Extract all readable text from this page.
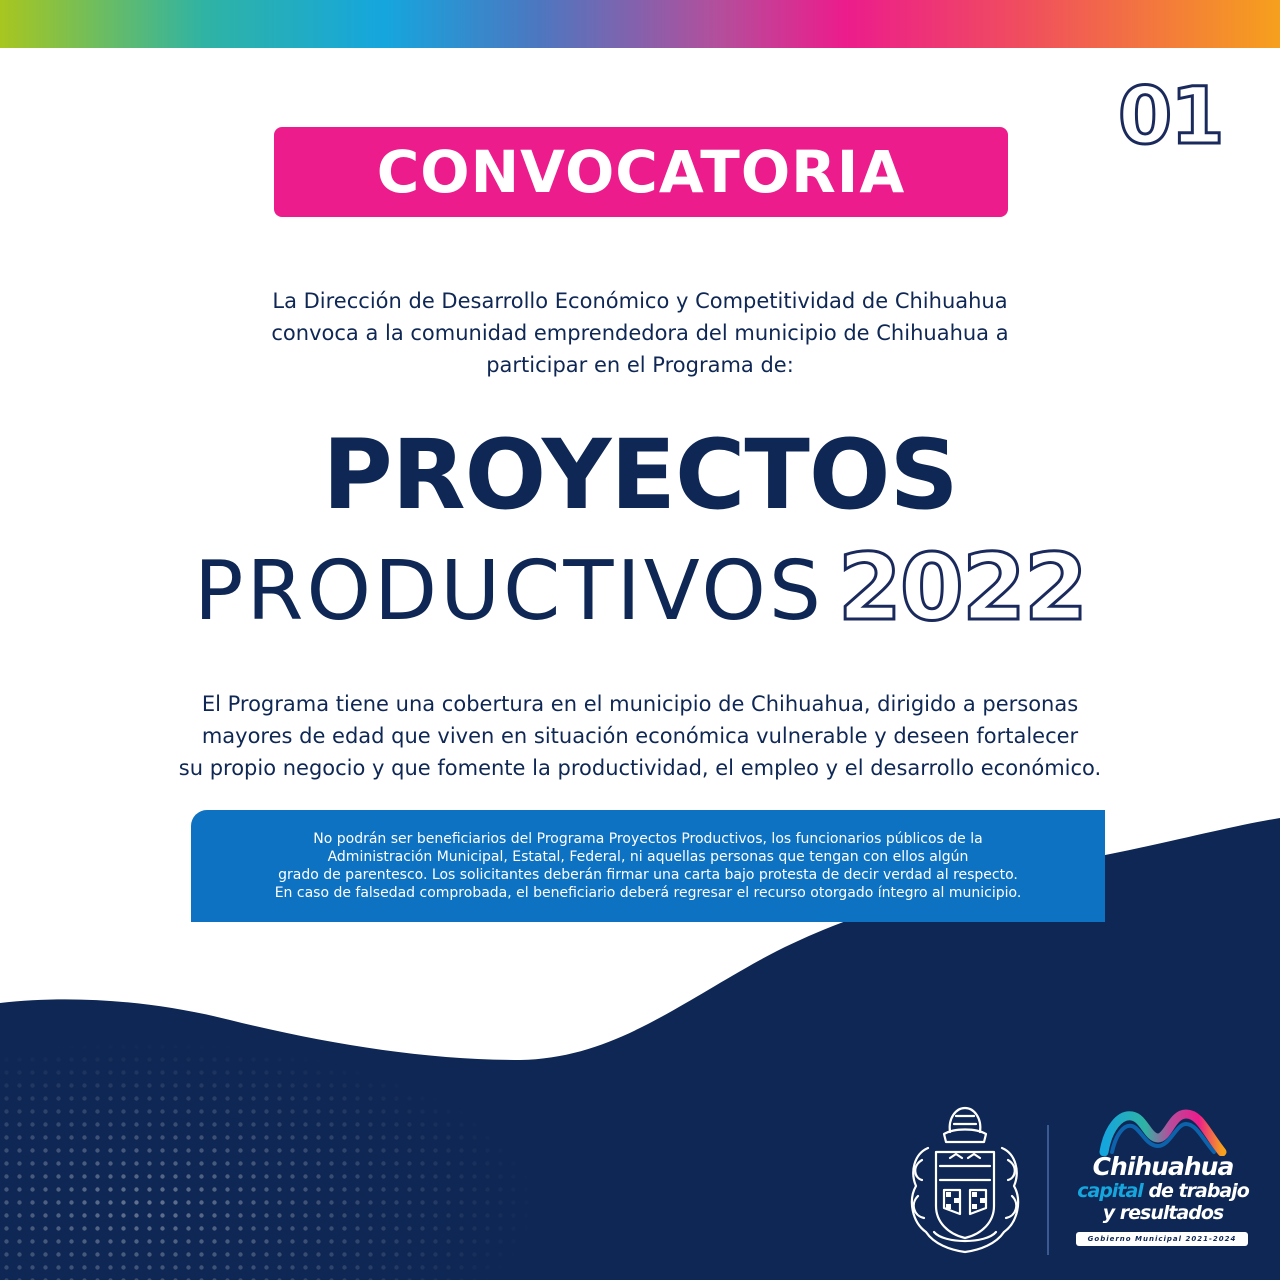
01
CONVOCATORIA
La Dirección de Desarrollo Económico y Competitividad de Chihuahua
convoca a la comunidad emprendedora del municipio de Chihuahua a
participar en el Programa de:
PROYECTOS
PRODUCTIVOS 2022
El Programa tiene una cobertura en el municipio de Chihuahua, dirigido a personas
mayores de edad que viven en situación económica vulnerable y deseen fortalecer
su propio negocio y que fomente la productividad, el empleo y el desarrollo económico.
No podrán ser beneficiarios del Programa Proyectos Productivos, los funcionarios públicos de la
Administración Municipal, Estatal, Federal, ni aquellas personas que tengan con ellos algún
grado de parentesco. Los solicitantes deberán firmar una carta bajo protesta de decir verdad al respecto.
En caso de falsedad comprobada, el beneficiario deberá regresar el recurso otorgado íntegro al municipio.
Chihuahua
capital de trabajo
y resultados
Gobierno Municipal 2021-2024
